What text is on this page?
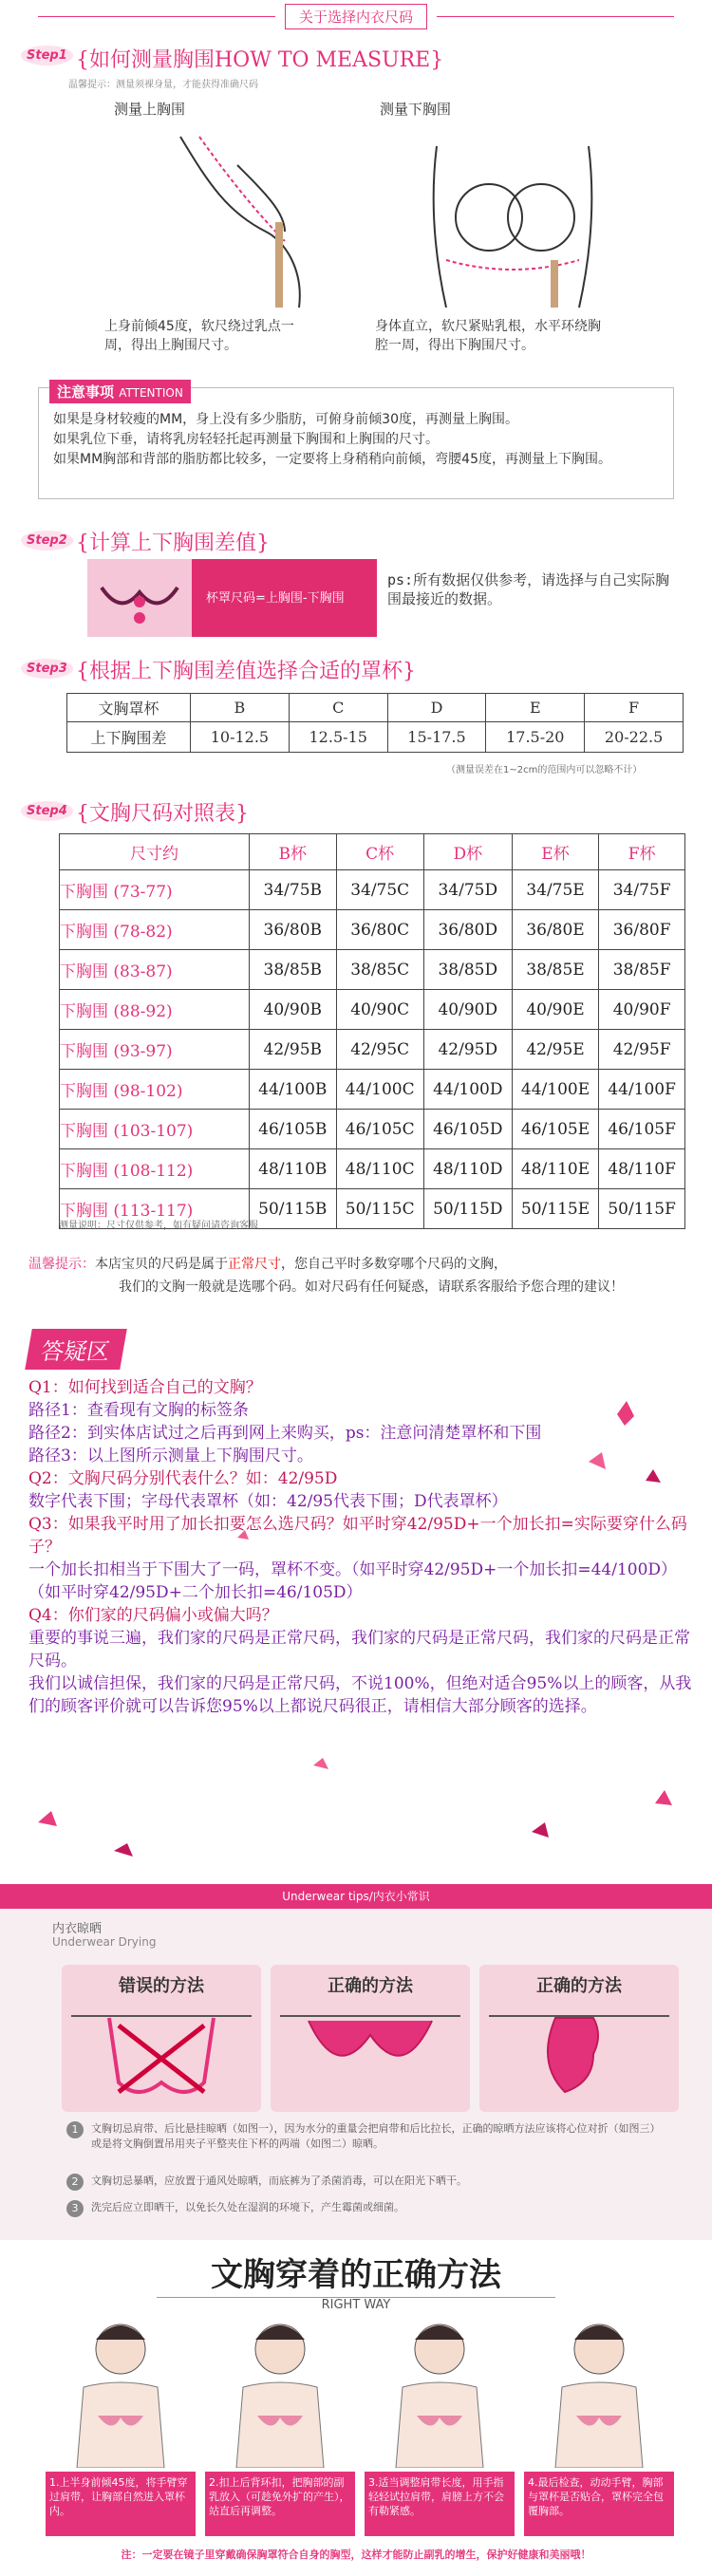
关于选择内衣尺码
Step1 {如何测量胸围HOW TO MEASURE}
温馨提示：测量须裸身量，才能获得准确尺码
测量上胸围	测量下胸围
上身前倾45度，软尺绕过乳点一周，得出上胸围尺寸。
身体直立，软尺紧贴乳根，水平环绕胸腔一周，得出下胸围尺寸。
注意事项 ATTENTION
如果是身材较瘦的MM，身上没有多少脂肪，可俯身前倾30度，再测量上胸围。
如果乳位下垂，请将乳房轻轻托起再测量下胸围和上胸围的尺寸。
如果MM胸部和背部的脂肪都比较多，一定要将上身稍稍向前倾，弯腰45度，再测量上下胸围。
Step2 {计算上下胸围差值}
杯罩尺码=上胸围-下胸围
ps:所有数据仅供参考，请选择与自己实际胸围最接近的数据。
Step3 {根据上下胸围差值选择合适的罩杯}
文胸罩杯	B	C	D	E	F
上下胸围差	10-12.5	12.5-15	15-17.5	17.5-20	20-22.5
（测量误差在1~2cm的范围内可以忽略不计）
Step4 {文胸尺码对照表}
尺寸约	B杯	C杯	D杯	E杯	F杯
下胸围 (73-77)	34/75B	34/75C	34/75D	34/75E	34/75F
下胸围 (78-82)	36/80B	36/80C	36/80D	36/80E	36/80F
下胸围 (83-87)	38/85B	38/85C	38/85D	38/85E	38/85F
下胸围 (88-92)	40/90B	40/90C	40/90D	40/90E	40/90F
下胸围 (93-97)	42/95B	42/95C	42/95D	42/95E	42/95F
下胸围 (98-102)	44/100B	44/100C	44/100D	44/100E	44/100F
下胸围 (103-107)	46/105B	46/105C	46/105D	46/105E	46/105F
下胸围 (108-112)	48/110B	48/110C	48/110D	48/110E	48/110F
下胸围 (113-117)	50/115B	50/115C	50/115D	50/115E	50/115F
测量说明：尺寸仅供参考，如有疑问请咨询客服
温馨提示：本店宝贝的尺码是属于正常尺寸，您自己平时多数穿哪个尺码的文胸，
我们的文胸一般就是选哪个码。如对尺码有任何疑惑，请联系客服给予您合理的建议！
答疑区

Q1：如何找到适合自己的文胸？

路径1：查看现有文胸的标签条

路径2：到实体店试过之后再到网上来购买，ps：注意问清楚罩杯和下围

路径3：以上图所示测量上下胸围尺寸。

Q2：文胸尺码分别代表什么？如：42/95D

数字代表下围；字母代表罩杯（如：42/95代表下围；D代表罩杯）

Q3：如果我平时用了加长扣要怎么选尺码？如平时穿42/95D+一个加长扣=实际要穿什么码子？

一个加长扣相当于下围大了一码，罩杯不变。（如平时穿42/95D+一个加长扣=44/100D）（如平时穿42/95D+二个加长扣=46/105D）

Q4：你们家的尺码偏小或偏大吗？

重要的事说三遍，我们家的尺码是正常尺码，我们家的尺码是正常尺码，我们家的尺码是正常尺码。

我们以诚信担保，我们家的尺码是正常尺码，不说100%，但绝对适合95%以上的顾客，从我们的顾客评价就可以告诉您95%以上都说尺码很正，请相信大部分顾客的选择。

Underwear tips/内衣小常识
内衣晾晒
Underwear Drying
错误的方法	正确的方法	正确的方法
1	文胸切忌肩带、后比悬挂晾晒（如图一），因为水分的重量会把肩带和后比拉长，正确的晾晒方法应该将心位对折（如图三）或是将文胸倒置吊用夹子平整夹住下杯的两端（如图二）晾晒。
2	文胸切忌暴晒，应放置于通风处晾晒，而底裤为了杀菌消毒，可以在阳光下晒干。
3	洗完后应立即晒干，以免长久处在湿润的环境下，产生霉菌或细菌。
文胸穿着的正确方法
RIGHT WAY
1.上半身前倾45度，将手臂穿过肩带，让胸部自然进入罩杯内。
2.扣上后背环扣，把胸部的副乳放入（可趁免外扩的产生），站直后再调整。
3.适当调整肩带长度，用手指轻轻试拉肩带，肩膀上方不会有勒紧感。
4.最后检查，动动手臂，胸部与罩杯是否贴合，罩杯完全包覆胸部。
注：一定要在镜子里穿戴确保胸罩符合自身的胸型，这样才能防止副乳的增生，保护好健康和美丽哦！
